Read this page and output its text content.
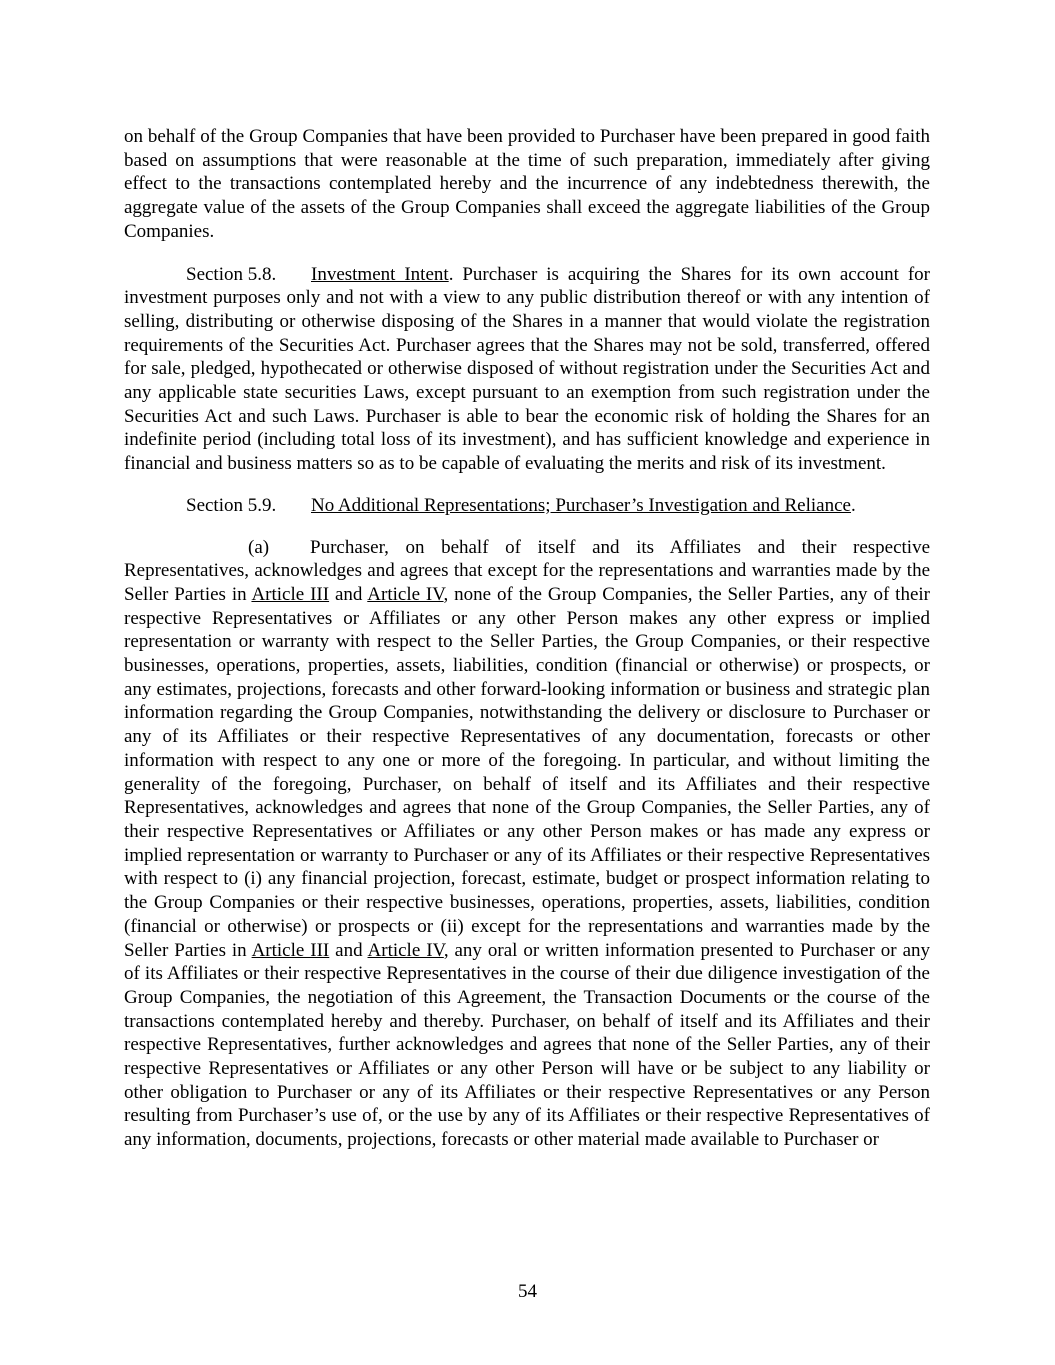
on behalf of the Group Companies that have been provided to Purchaser have been prepared in good faith based on assumptions that were reasonable at the time of such preparation, immediately after giving effect to the transactions contemplated hereby and the incurrence of any indebtedness therewith, the aggregate value of the assets of the Group Companies shall exceed the aggregate liabilities of the Group Companies.

Section 5.8. Investment Intent. Purchaser is acquiring the Shares for its own account for investment purposes only and not with a view to any public distribution thereof or with any intention of selling, distributing or otherwise disposing of the Shares in a manner that would violate the registration requirements of the Securities Act. Purchaser agrees that the Shares may not be sold, transferred, offered for sale, pledged, hypothecated or otherwise disposed of without registration under the Securities Act and any applicable state securities Laws, except pursuant to an exemption from such registration under the Securities Act and such Laws. Purchaser is able to bear the economic risk of holding the Shares for an indefinite period (including total loss of its investment), and has sufficient knowledge and experience in financial and business matters so as to be capable of evaluating the merits and risk of its investment.

Section 5.9. No Additional Representations; Purchaser’s Investigation and Reliance.

(a) Purchaser, on behalf of itself and its Affiliates and their respective Representatives, acknowledges and agrees that except for the representations and warranties made by the Seller Parties in Article III and Article IV, none of the Group Companies, the Seller Parties, any of their respective Representatives or Affiliates or any other Person makes any other express or implied representation or warranty with respect to the Seller Parties, the Group Companies, or their respective businesses, operations, properties, assets, liabilities, condition (financial or otherwise) or prospects, or any estimates, projections, forecasts and other forward-looking information or business and strategic plan information regarding the Group Companies, notwithstanding the delivery or disclosure to Purchaser or any of its Affiliates or their respective Representatives of any documentation, forecasts or other information with respect to any one or more of the foregoing. In particular, and without limiting the generality of the foregoing, Purchaser, on behalf of itself and its Affiliates and their respective Representatives, acknowledges and agrees that none of the Group Companies, the Seller Parties, any of their respective Representatives or Affiliates or any other Person makes or has made any express or implied representation or warranty to Purchaser or any of its Affiliates or their respective Representatives with respect to (i) any financial projection, forecast, estimate, budget or prospect information relating to the Group Companies or their respective businesses, operations, properties, assets, liabilities, condition (financial or otherwise) or prospects or (ii) except for the representations and warranties made by the Seller Parties in Article III and Article IV, any oral or written information presented to Purchaser or any of its Affiliates or their respective Representatives in the course of their due diligence investigation of the Group Companies, the negotiation of this Agreement, the Transaction Documents or the course of the transactions contemplated hereby and thereby. Purchaser, on behalf of itself and its Affiliates and their respective Representatives, further acknowledges and agrees that none of the Seller Parties, any of their respective Representatives or Affiliates or any other Person will have or be subject to any liability or other obligation to Purchaser or any of its Affiliates or their respective Representatives or any Person resulting from Purchaser’s use of, or the use by any of its Affiliates or their respective Representatives of any information, documents, projections, forecasts or other material made available to Purchaser or

54
